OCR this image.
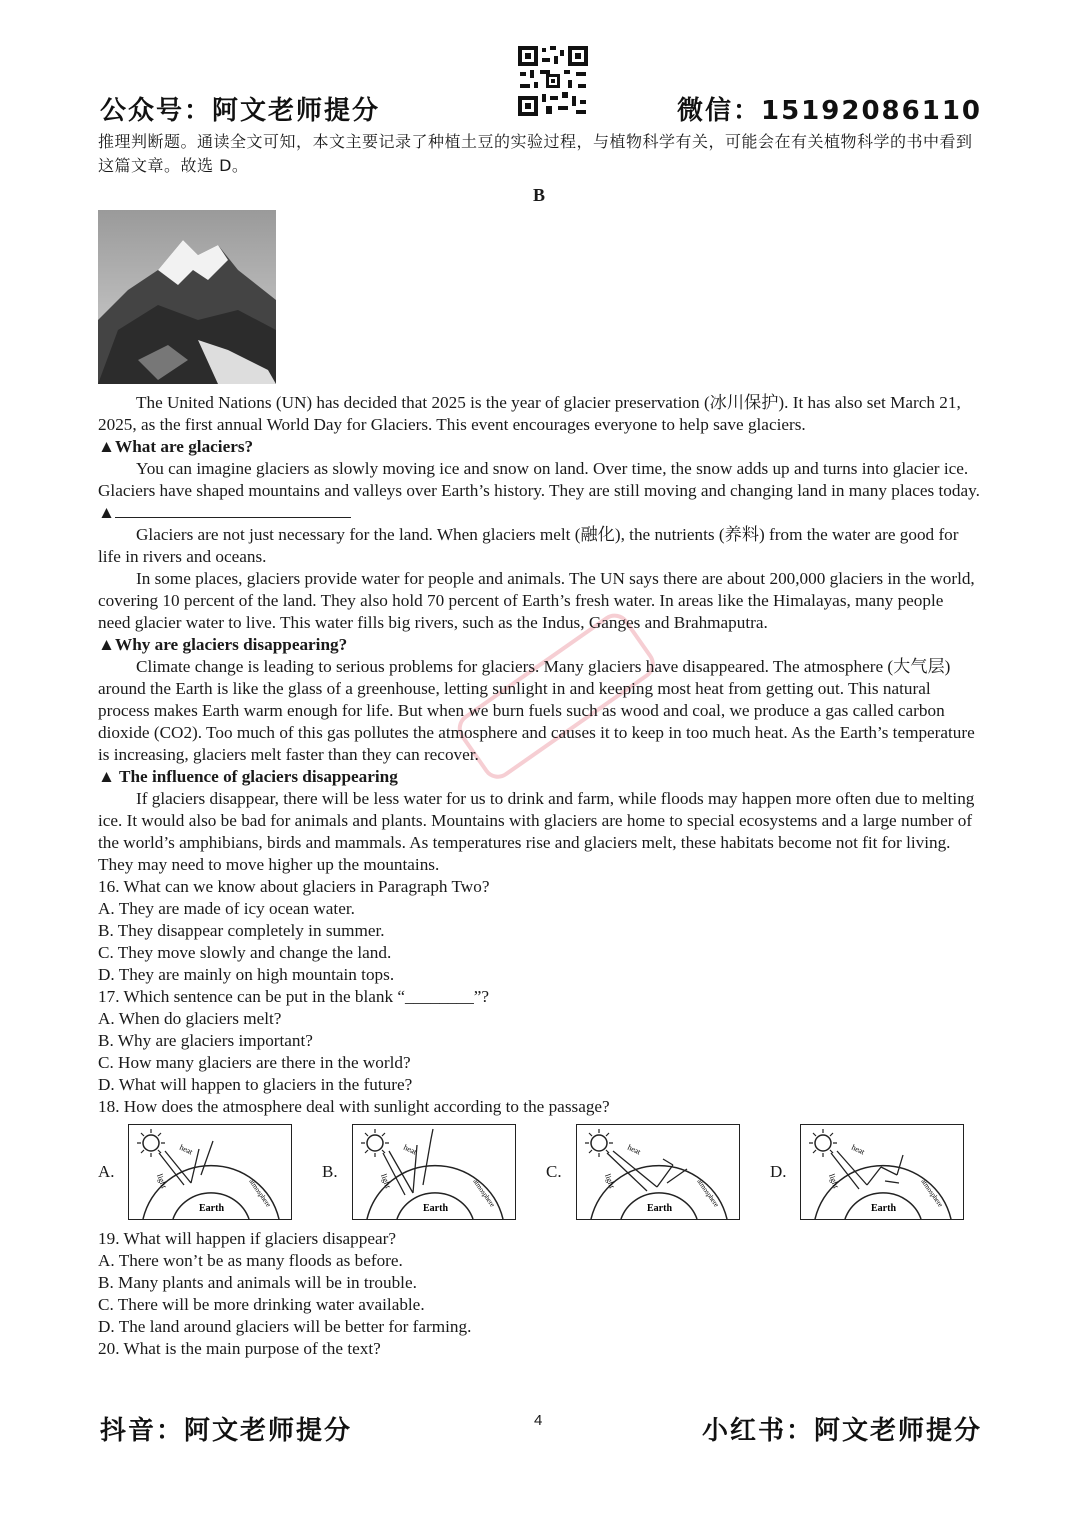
公众号：阿文老师提分	微信：15192086110

推理判断题。通读全文可知，本文主要记录了种植土豆的实验过程，与植物科学有关，可能会在有关植物科学的书中看到这篇文章。故选 D。

B

The United Nations (UN) has decided that 2025 is the year of glacier preservation (冰川保护). It has also set March 21, 2025, as the first annual World Day for Glaciers. This event encourages everyone to help save glaciers.

▲What are glaciers?

You can imagine glaciers as slowly moving ice and snow on land. Over time, the snow adds up and turns into glacier ice. Glaciers have shaped mountains and valleys over Earth’s history. They are still moving and changing land in many places today.

▲

Glaciers are not just necessary for the land. When glaciers melt (融化), the nutrients (养料) from the water are good for life in rivers and oceans.

In some places, glaciers provide water for people and animals. The UN says there are about 200,000 glaciers in the world, covering 10 percent of the land. They also hold 70 percent of Earth’s fresh water. In areas like the Himalayas, many people need glacier water to live. This water fills big rivers, such as the Indus, Ganges and Brahmaputra.

▲Why are glaciers disappearing?

Climate change is leading to serious problems for glaciers. Many glaciers have disappeared. The atmosphere (大气层) around the Earth is like the glass of a greenhouse, letting sunlight in and keeping most heat from getting out. This natural process makes Earth warm enough for life. But when we burn fuels such as wood and coal, we produce a gas called carbon dioxide (CO2). Too much of this gas pollutes the atmosphere and causes it to keep in too much heat. As the Earth’s temperature is increasing, glaciers melt faster than they can recover.

▲ The influence of glaciers disappearing

If glaciers disappear, there will be less water for us to drink and farm, while floods may happen more often due to melting ice. It would also be bad for animals and plants. Mountains with glaciers are home to special ecosystems and a large number of the world’s amphibians, birds and mammals. As temperatures rise and glaciers melt, these habitats become not fit for living. They may need to move higher up the mountains.

16. What can we know about glaciers in Paragraph Two?

A. They are made of icy ocean water.

B. They disappear completely in summer.

C. They move slowly and change the land.

D. They are mainly on high mountain tops.

17. Which sentence can be put in the blank “________”?

A. When do glaciers melt?

B. Why are glaciers important?

C. How many glaciers are there in the world?

D. What will happen to glaciers in the future?

18. How does the atmosphere deal with sunlight according to the passage?

A.
Earth
heat
light	atmosphere
B.
Earth
heat
light	atmosphere
C.
Earth
heat
light	atmosphere
D.
Earth
heat
light	atmosphere

19. What will happen if glaciers disappear?

A. There won’t be as many floods as before.

B. Many plants and animals will be in trouble.

C. There will be more drinking water available.

D. The land around glaciers will be better for farming.

20. What is the main purpose of the text?

抖音：阿文老师提分	4	小红书：阿文老师提分
